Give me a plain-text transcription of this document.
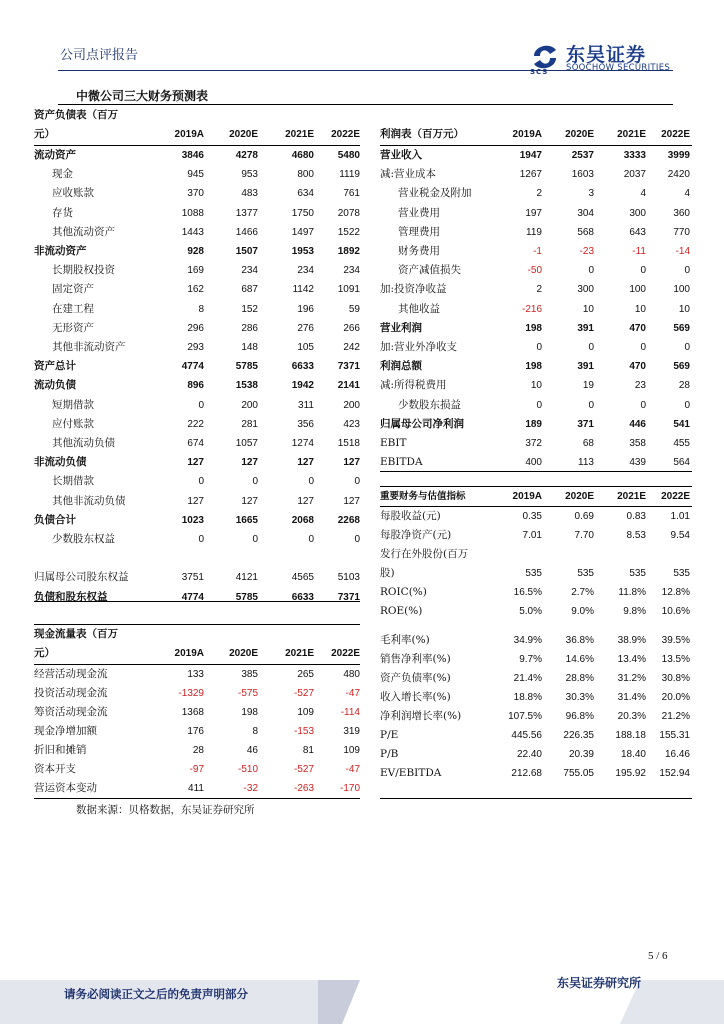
公司点评报告
SCS
东吴证券
SOOCHOW SECURITIES
中微公司三大财务预测表
资产负债表（百万
元）	2019A	2020E	2021E	2022E
流动资产	3846	4278	4680	5480
现金	945	953	800	1119
应收账款	370	483	634	761
存货	1088	1377	1750	2078
其他流动资产	1443	1466	1497	1522
非流动资产	928	1507	1953	1892
长期股权投资	169	234	234	234
固定资产	162	687	1142	1091
在建工程	8	152	196	59
无形资产	296	286	276	266
其他非流动资产	293	148	105	242
资产总计	4774	5785	6633	7371
流动负债	896	1538	1942	2141
短期借款	0	200	311	200
应付账款	222	281	356	423
其他流动负债	674	1057	1274	1518
非流动负债	127	127	127	127
长期借款	0	0	0	0
其他非流动负债	127	127	127	127
负债合计	1023	1665	2068	2268
少数股东权益	0	0	0	0
归属母公司股东权益	3751	4121	4565	5103
负债和股东权益	4774	5785	6633	7371
现金流量表（百万
元）	2019A	2020E	2021E	2022E
经营活动现金流	133	385	265	480
投资活动现金流	-1329	-575	-527	-47
筹资活动现金流	1368	198	109	-114
现金净增加额	176	8	-153	319
折旧和摊销	28	46	81	109
资本开支	-97	-510	-527	-47
营运资本变动	411	-32	-263	-170
利润表（百万元）	2019A	2020E	2021E	2022E
营业收入	1947	2537	3333	3999
减:营业成本	1267	1603	2037	2420
营业税金及附加	2	3	4	4
营业费用	197	304	300	360
管理费用	119	568	643	770
财务费用	-1	-23	-11	-14
资产减值损失	-50	0	0	0
加:投资净收益	2	300	100	100
其他收益	-216	10	10	10
营业利润	198	391	470	569
加:营业外净收支	0	0	0	0
利润总额	198	391	470	569
减:所得税费用	10	19	23	28
少数股东损益	0	0	0	0
归属母公司净利润	189	371	446	541
EBIT	372	68	358	455
EBITDA	400	113	439	564
重要财务与估值指标	2019A	2020E	2021E	2022E
每股收益(元)	0.35	0.69	0.83	1.01
每股净资产(元)	7.01	7.70	8.53	9.54
发行在外股份(百万
股)	535	535	535	535
ROIC(%)	16.5%	2.7%	11.8%	12.8%
ROE(%)	5.0%	9.0%	9.8%	10.6%
毛利率(%)	34.9%	36.8%	38.9%	39.5%
销售净利率(%)	9.7%	14.6%	13.4%	13.5%
资产负债率(%)	21.4%	28.8%	31.2%	30.8%
收入增长率(%)	18.8%	30.3%	31.4%	20.0%
净利润增长率(%)	107.5%	96.8%	20.3%	21.2%
P/E	445.56	226.35	188.18	155.31
P/B	22.40	20.39	18.40	16.46
EV/EBITDA	212.68	755.05	195.92	152.94
数据来源：贝格数据，东吴证券研究所
5 / 6
请务必阅读正文之后的免责声明部分
东吴证券研究所
